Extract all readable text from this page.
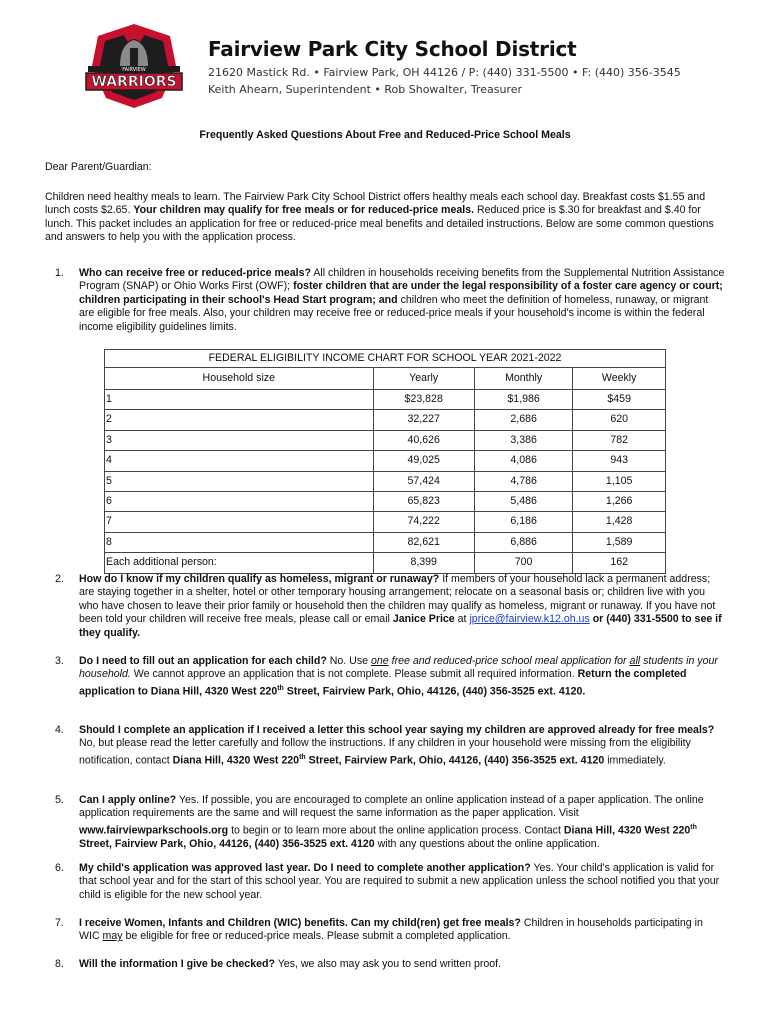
FAIRVIEW
WARRIORS
Fairview Park City School District
21620 Mastick Rd. • Fairview Park, OH 44126 / P: (440) 331-5500 • F: (440) 356-3545
Keith Ahearn, Superintendent • Rob Showalter, Treasurer
Frequently Asked Questions About Free and Reduced-Price School Meals
Dear Parent/Guardian:
Children need healthy meals to learn. The Fairview Park City School District offers healthy meals each school day. Breakfast costs $1.55 and lunch costs $2.65. Your children may qualify for free meals or for reduced-price meals. Reduced price is $.30 for breakfast and $.40 for lunch. This packet includes an application for free or reduced-price meal benefits and detailed instructions. Below are some common questions and answers to help you with the application process.
1. Who can receive free or reduced-price meals? All children in households receiving benefits from the Supplemental Nutrition Assistance Program (SNAP) or Ohio Works First (OWF); foster children that are under the legal responsibility of a foster care agency or court; children participating in their school's Head Start program; and children who meet the definition of homeless, runaway, or migrant are eligible for free meals. Also, your children may receive free or reduced-price meals if your household's income is within the federal income eligibility guidelines limits.
FEDERAL ELIGIBILITY INCOME CHART FOR SCHOOL YEAR 2021-2022			
Household size	Yearly	Monthly	Weekly
1	$23,828	$1,986	$459
2	32,227	2,686	620
3	40,626	3,386	782
4	49,025	4,086	943
5	57,424	4,786	1,105
6	65,823	5,486	1,266
7	74,222	6,186	1,428
8	82,621	6,886	1,589
Each additional person:	8,399	700	162
2. How do I know if my children qualify as homeless, migrant or runaway? If members of your household lack a permanent address; are staying together in a shelter, hotel or other temporary housing arrangement; relocate on a seasonal basis or; children live with you who have chosen to leave their prior family or household then the children may qualify as homeless, migrant or runaway. If you have not been told your children will receive free meals, please call or email Janice Price at jprice@fairview.k12.oh.us or (440) 331-5500 to see if they qualify.
3. Do I need to fill out an application for each child? No. Use one free and reduced-price school meal application for all students in your household. We cannot approve an application that is not complete. Please submit all required information. Return the completed application to Diana Hill, 4320 West 220th Street, Fairview Park, Ohio, 44126, (440) 356-3525 ext. 4120.
4. Should I complete an application if I received a letter this school year saying my children are approved already for free meals? No, but please read the letter carefully and follow the instructions. If any children in your household were missing from the eligibility notification, contact Diana Hill, 4320 West 220th Street, Fairview Park, Ohio, 44126, (440) 356-3525 ext. 4120 immediately.
5. Can I apply online? Yes. If possible, you are encouraged to complete an online application instead of a paper application. The online application requirements are the same and will request the same information as the paper application. Visit www.fairviewparkschools.org to begin or to learn more about the online application process. Contact Diana Hill, 4320 West 220th Street, Fairview Park, Ohio, 44126, (440) 356-3525 ext. 4120 with any questions about the online application.
6. My child's application was approved last year. Do I need to complete another application? Yes. Your child's application is valid for that school year and for the start of this school year. You are required to submit a new application unless the school notified you that your child is eligible for the new school year.
7. I receive Women, Infants and Children (WIC) benefits. Can my child(ren) get free meals? Children in households participating in WIC may be eligible for free or reduced-price meals. Please submit a completed application.
8. Will the information I give be checked? Yes, we also may ask you to send written proof.
